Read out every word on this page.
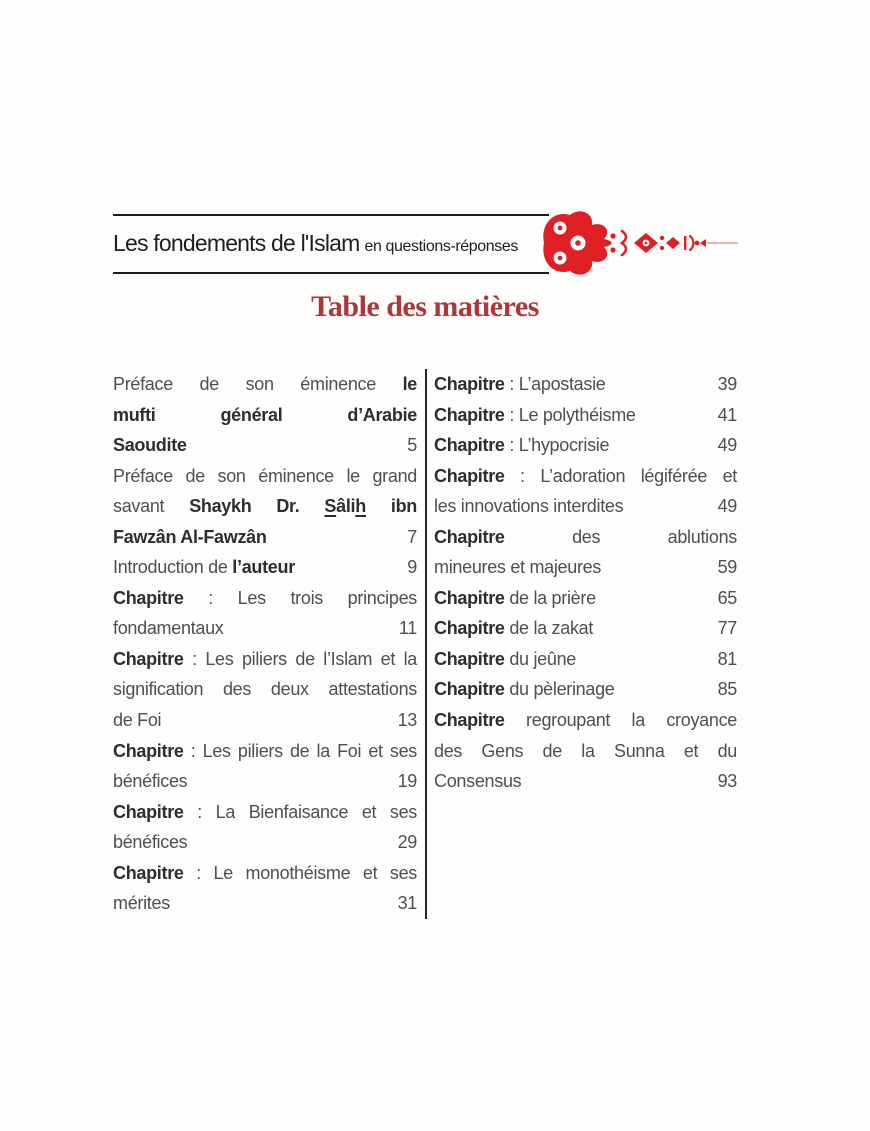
Les fondements de l'Islam en questions-réponses
Table des matières
Préface de son éminence le
mufti général d’Arabie
Saoudite	5
Préface de son éminence le grand
savant Shaykh Dr. Sâlih ibn
Fawzân Al-Fawzân	7
Introduction de l’auteur	9
Chapitre : Les trois principes
fondamentaux	11
Chapitre : Les piliers de l’Islam et la
signification des deux attestations
de Foi	13
Chapitre : Les piliers de la Foi et ses
bénéfices	19
Chapitre : La Bienfaisance et ses
bénéfices	29
Chapitre : Le monothéisme et ses
mérites	31
Chapitre : L’apostasie	39
Chapitre : Le polythéisme	41
Chapitre : L’hypocrisie	49
Chapitre : L’adoration légiférée et
les innovations interdites	49
Chapitre des ablutions
mineures et majeures	59
Chapitre de la prière	65
Chapitre de la zakat	77
Chapitre du jeûne	81
Chapitre du pèlerinage	85
Chapitre regroupant la croyance
des Gens de la Sunna et du
Consensus	93
